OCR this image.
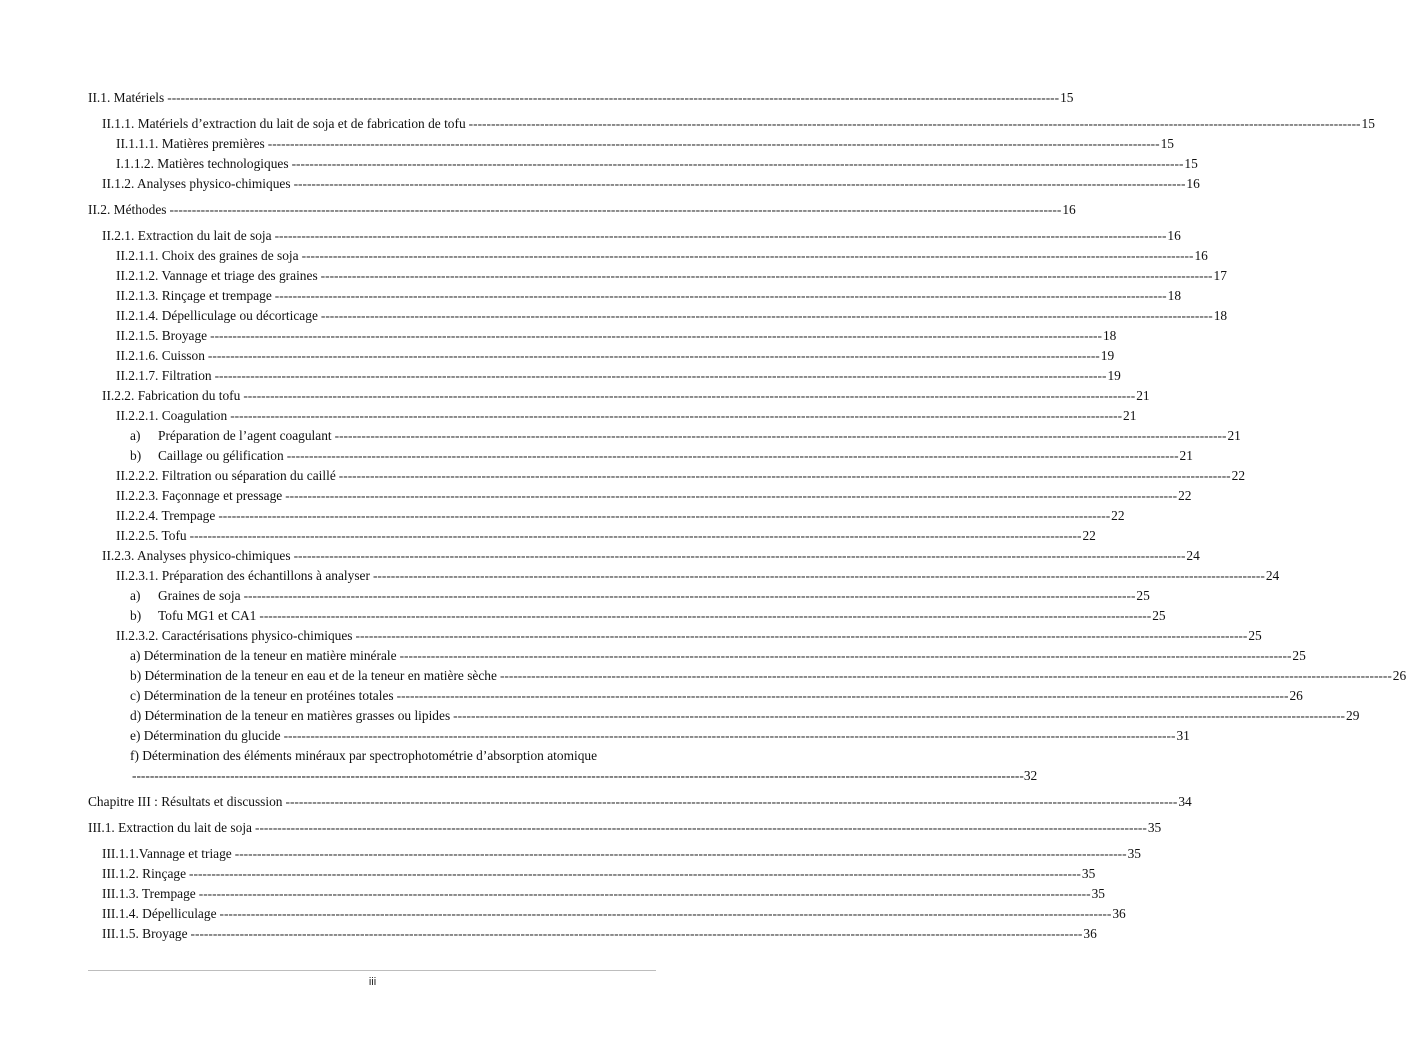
II.1. Matériels -------------------------------------------------------------------------------------------------------------------------------------------------------------------------------------------------------- 15
II.1.1. Matériels d’extraction du lait de soja et de fabrication de tofu -------------------------------------------------------------------------------------------------------------------------------------------------------------------------------------------------------- 15
II.1.1.1. Matières premières -------------------------------------------------------------------------------------------------------------------------------------------------------------------------------------------------------- 15
I.1.1.2. Matières technologiques -------------------------------------------------------------------------------------------------------------------------------------------------------------------------------------------------------- 15
II.1.2. Analyses physico-chimiques -------------------------------------------------------------------------------------------------------------------------------------------------------------------------------------------------------- 16
II.2. Méthodes -------------------------------------------------------------------------------------------------------------------------------------------------------------------------------------------------------- 16
II.2.1. Extraction du lait de soja -------------------------------------------------------------------------------------------------------------------------------------------------------------------------------------------------------- 16
II.2.1.1. Choix des graines de soja -------------------------------------------------------------------------------------------------------------------------------------------------------------------------------------------------------- 16
II.2.1.2. Vannage et triage des graines -------------------------------------------------------------------------------------------------------------------------------------------------------------------------------------------------------- 17
II.2.1.3. Rinçage et trempage -------------------------------------------------------------------------------------------------------------------------------------------------------------------------------------------------------- 18
II.2.1.4. Dépelliculage ou décorticage -------------------------------------------------------------------------------------------------------------------------------------------------------------------------------------------------------- 18
II.2.1.5. Broyage -------------------------------------------------------------------------------------------------------------------------------------------------------------------------------------------------------- 18
II.2.1.6. Cuisson -------------------------------------------------------------------------------------------------------------------------------------------------------------------------------------------------------- 19
II.2.1.7. Filtration -------------------------------------------------------------------------------------------------------------------------------------------------------------------------------------------------------- 19
II.2.2. Fabrication du tofu -------------------------------------------------------------------------------------------------------------------------------------------------------------------------------------------------------- 21
II.2.2.1. Coagulation -------------------------------------------------------------------------------------------------------------------------------------------------------------------------------------------------------- 21
a) Préparation de l’agent coagulant -------------------------------------------------------------------------------------------------------------------------------------------------------------------------------------------------------- 21
b) Caillage ou gélification -------------------------------------------------------------------------------------------------------------------------------------------------------------------------------------------------------- 21
II.2.2.2. Filtration ou séparation du caillé -------------------------------------------------------------------------------------------------------------------------------------------------------------------------------------------------------- 22
II.2.2.3. Façonnage et pressage -------------------------------------------------------------------------------------------------------------------------------------------------------------------------------------------------------- 22
II.2.2.4. Trempage -------------------------------------------------------------------------------------------------------------------------------------------------------------------------------------------------------- 22
II.2.2.5. Tofu -------------------------------------------------------------------------------------------------------------------------------------------------------------------------------------------------------- 22
II.2.3. Analyses physico-chimiques -------------------------------------------------------------------------------------------------------------------------------------------------------------------------------------------------------- 24
II.2.3.1. Préparation des échantillons à analyser -------------------------------------------------------------------------------------------------------------------------------------------------------------------------------------------------------- 24
a) Graines de soja -------------------------------------------------------------------------------------------------------------------------------------------------------------------------------------------------------- 25
b) Tofu MG1 et CA1 -------------------------------------------------------------------------------------------------------------------------------------------------------------------------------------------------------- 25
II.2.3.2. Caractérisations physico-chimiques -------------------------------------------------------------------------------------------------------------------------------------------------------------------------------------------------------- 25
a) Détermination de la teneur en matière minérale -------------------------------------------------------------------------------------------------------------------------------------------------------------------------------------------------------- 25
b) Détermination de la teneur en eau et de la teneur en matière sèche -------------------------------------------------------------------------------------------------------------------------------------------------------------------------------------------------------- 26
c) Détermination de la teneur en protéines totales -------------------------------------------------------------------------------------------------------------------------------------------------------------------------------------------------------- 26
d) Détermination de la teneur en matières grasses ou lipides -------------------------------------------------------------------------------------------------------------------------------------------------------------------------------------------------------- 29
e) Détermination du glucide -------------------------------------------------------------------------------------------------------------------------------------------------------------------------------------------------------- 31
f) Détermination des éléments minéraux par spectrophotométrie d’absorption atomique
-------------------------------------------------------------------------------------------------------------------------------------------------------------------------------------------------------- 32
Chapitre III : Résultats et discussion -------------------------------------------------------------------------------------------------------------------------------------------------------------------------------------------------------- 34
III.1. Extraction du lait de soja -------------------------------------------------------------------------------------------------------------------------------------------------------------------------------------------------------- 35
III.1.1.Vannage et triage -------------------------------------------------------------------------------------------------------------------------------------------------------------------------------------------------------- 35
III.1.2. Rinçage -------------------------------------------------------------------------------------------------------------------------------------------------------------------------------------------------------- 35
III.1.3. Trempage -------------------------------------------------------------------------------------------------------------------------------------------------------------------------------------------------------- 35
III.1.4. Dépelliculage -------------------------------------------------------------------------------------------------------------------------------------------------------------------------------------------------------- 36
III.1.5. Broyage -------------------------------------------------------------------------------------------------------------------------------------------------------------------------------------------------------- 36
iii
